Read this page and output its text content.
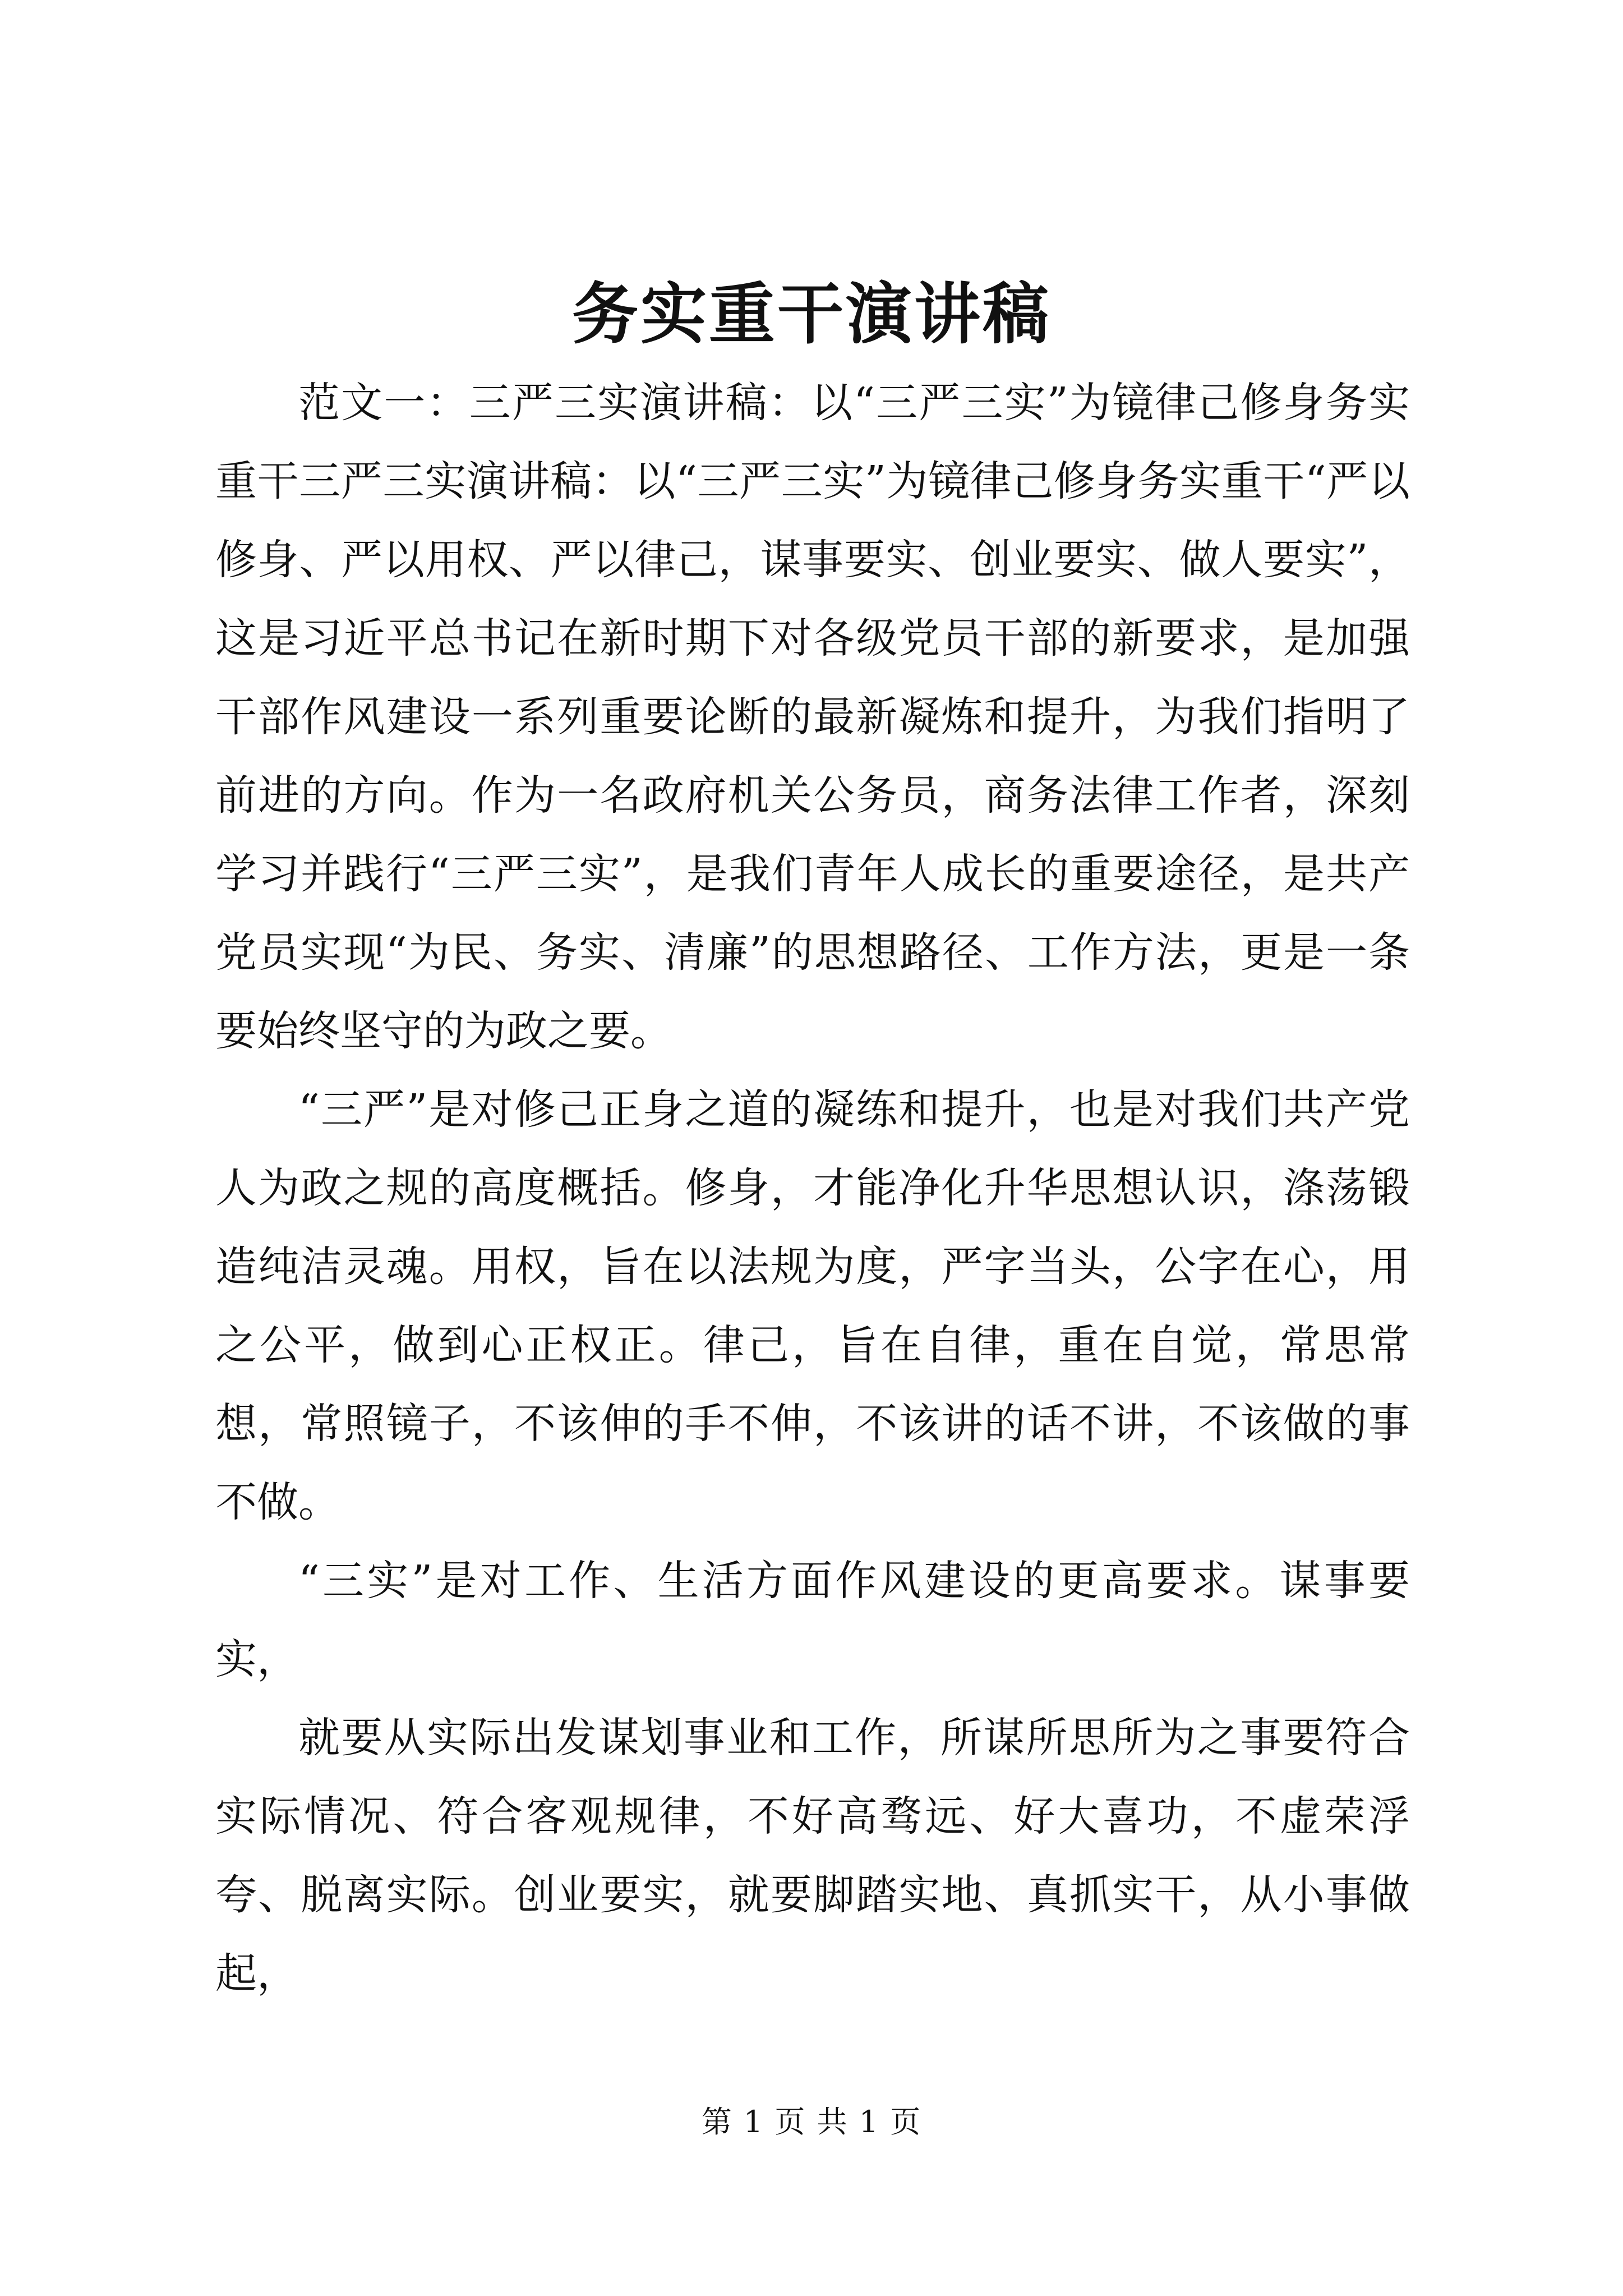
务实重干演讲稿

范文一：三严三实演讲稿：以“三严三实”为镜律己修身务实重干三严三实演讲稿：以“三严三实”为镜律己修身务实重干“严以修身、严以用权、严以律己，谋事要实、创业要实、做人要实”，这是习近平总书记在新时期下对各级党员干部的新要求，是加强干部作风建设一系列重要论断的最新凝炼和提升，为我们指明了前进的方向。作为一名政府机关公务员，商务法律工作者，深刻学习并践行“三严三实”，是我们青年人成长的重要途径，是共产党员实现“为民、务实、清廉”的思想路径、工作方法，更是一条要始终坚守的为政之要。

“三严”是对修己正身之道的凝练和提升，也是对我们共产党人为政之规的高度概括。修身，才能净化升华思想认识，涤荡锻造纯洁灵魂。用权，旨在以法规为度，严字当头，公字在心，用之公平，做到心正权正。律己，旨在自律，重在自觉，常思常想，常照镜子，不该伸的手不伸，不该讲的话不讲，不该做的事不做。

“三实”是对工作、生活方面作风建设的更高要求。谋事要实，

就要从实际出发谋划事业和工作，所谋所思所为之事要符合实际情况、符合客观规律，不好高骛远、好大喜功，不虚荣浮夸、脱离实际。创业要实，就要脚踏实地、真抓实干，从小事做起，

第 1 页 共 1 页
